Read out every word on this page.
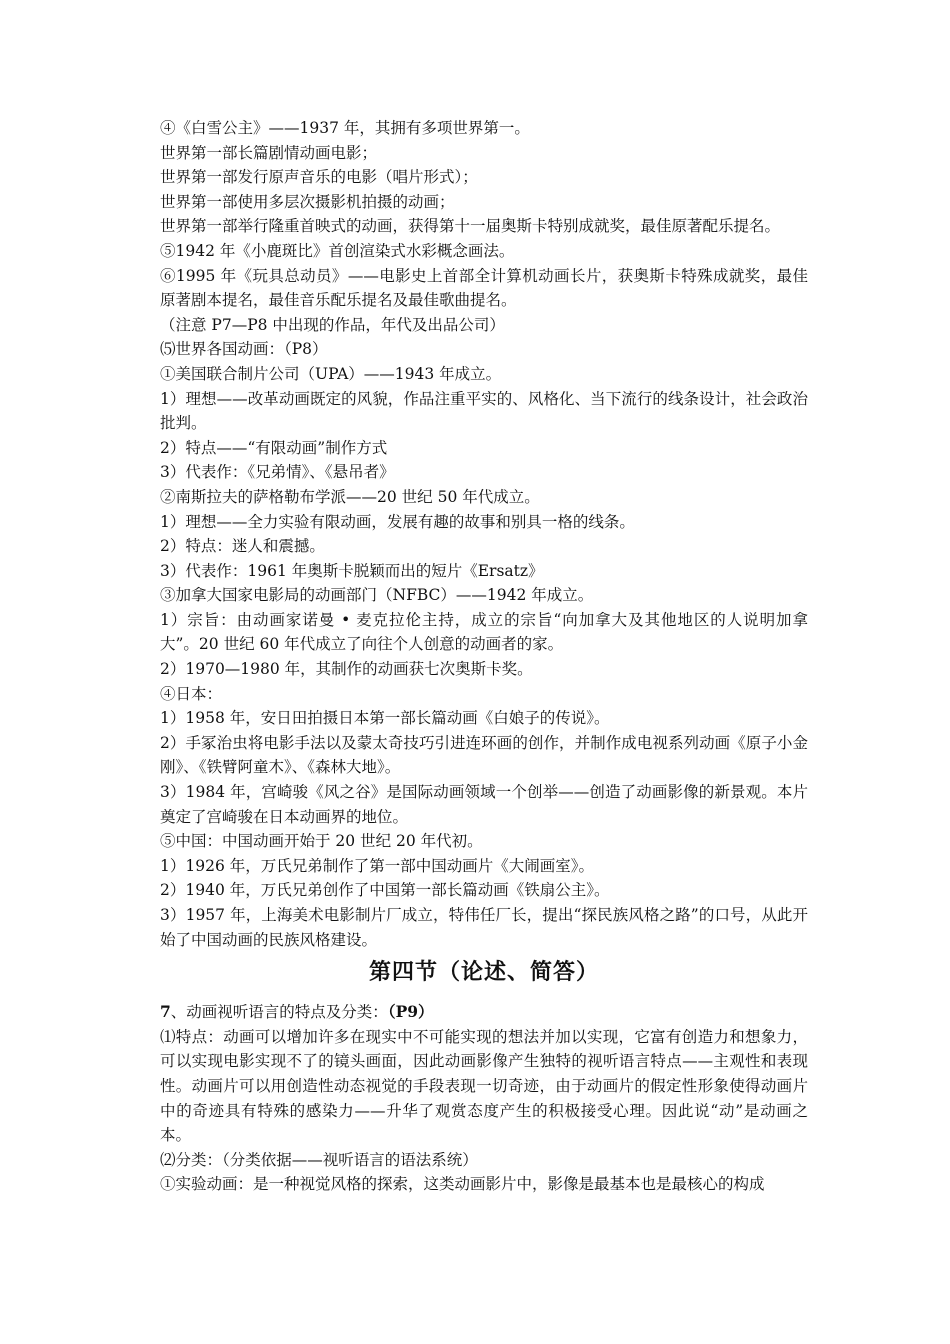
④《白雪公主》——1937 年，其拥有多项世界第一。

世界第一部长篇剧情动画电影；

世界第一部发行原声音乐的电影（唱片形式）；

世界第一部使用多层次摄影机拍摄的动画；

世界第一部举行隆重首映式的动画，获得第十一届奥斯卡特别成就奖，最佳原著配乐提名。

⑤1942 年《小鹿斑比》首创渲染式水彩概念画法。

⑥1995 年《玩具总动员》——电影史上首部全计算机动画长片，获奥斯卡特殊成就奖，最佳原著剧本提名，最佳音乐配乐提名及最佳歌曲提名。

（注意 P7—P8 中出现的作品，年代及出品公司）

⑸世界各国动画：（P8）

①美国联合制片公司（UPA）——1943 年成立。

1）理想——改革动画既定的风貌，作品注重平实的、风格化、当下流行的线条设计，社会政治批判。

2）特点——“有限动画”制作方式

3）代表作：《兄弟情》、《悬吊者》

②南斯拉夫的萨格勒布学派——20 世纪 50 年代成立。

1）理想——全力实验有限动画，发展有趣的故事和别具一格的线条。

2）特点：迷人和震撼。

3）代表作：1961 年奥斯卡脱颖而出的短片《Ersatz》

③加拿大国家电影局的动画部门（NFBC）——1942 年成立。

1）宗旨：由动画家诺曼 • 麦克拉伦主持，成立的宗旨“向加拿大及其他地区的人说明加拿大”。20 世纪 60 年代成立了向往个人创意的动画者的家。

2）1970—1980 年，其制作的动画获七次奥斯卡奖。

④日本：

1）1958 年，安日田拍摄日本第一部长篇动画《白娘子的传说》。

2）手冢治虫将电影手法以及蒙太奇技巧引进连环画的创作，并制作成电视系列动画《原子小金刚》、《铁臂阿童木》、《森林大地》。

3）1984 年，宫崎骏《风之谷》是国际动画领域一个创举——创造了动画影像的新景观。本片奠定了宫崎骏在日本动画界的地位。

⑤中国：中国动画开始于 20 世纪 20 年代初。

1）1926 年，万氏兄弟制作了第一部中国动画片《大闹画室》。

2）1940 年，万氏兄弟创作了中国第一部长篇动画《铁扇公主》。

3）1957 年，上海美术电影制片厂成立，特伟任厂长，提出“探民族风格之路”的口号，从此开始了中国动画的民族风格建设。

第四节（论述、简答）

7、动画视听语言的特点及分类：（P9）

⑴特点：动画可以增加许多在现实中不可能实现的想法并加以实现，它富有创造力和想象力，可以实现电影实现不了的镜头画面，因此动画影像产生独特的视听语言特点——主观性和表现性。动画片可以用创造性动态视觉的手段表现一切奇迹，由于动画片的假定性形象使得动画片中的奇迹具有特殊的感染力——升华了观赏态度产生的积极接受心理。因此说“动”是动画之本。

⑵分类：（分类依据——视听语言的语法系统）

①实验动画：是一种视觉风格的探索，这类动画影片中，影像是最基本也是最核心的构成
